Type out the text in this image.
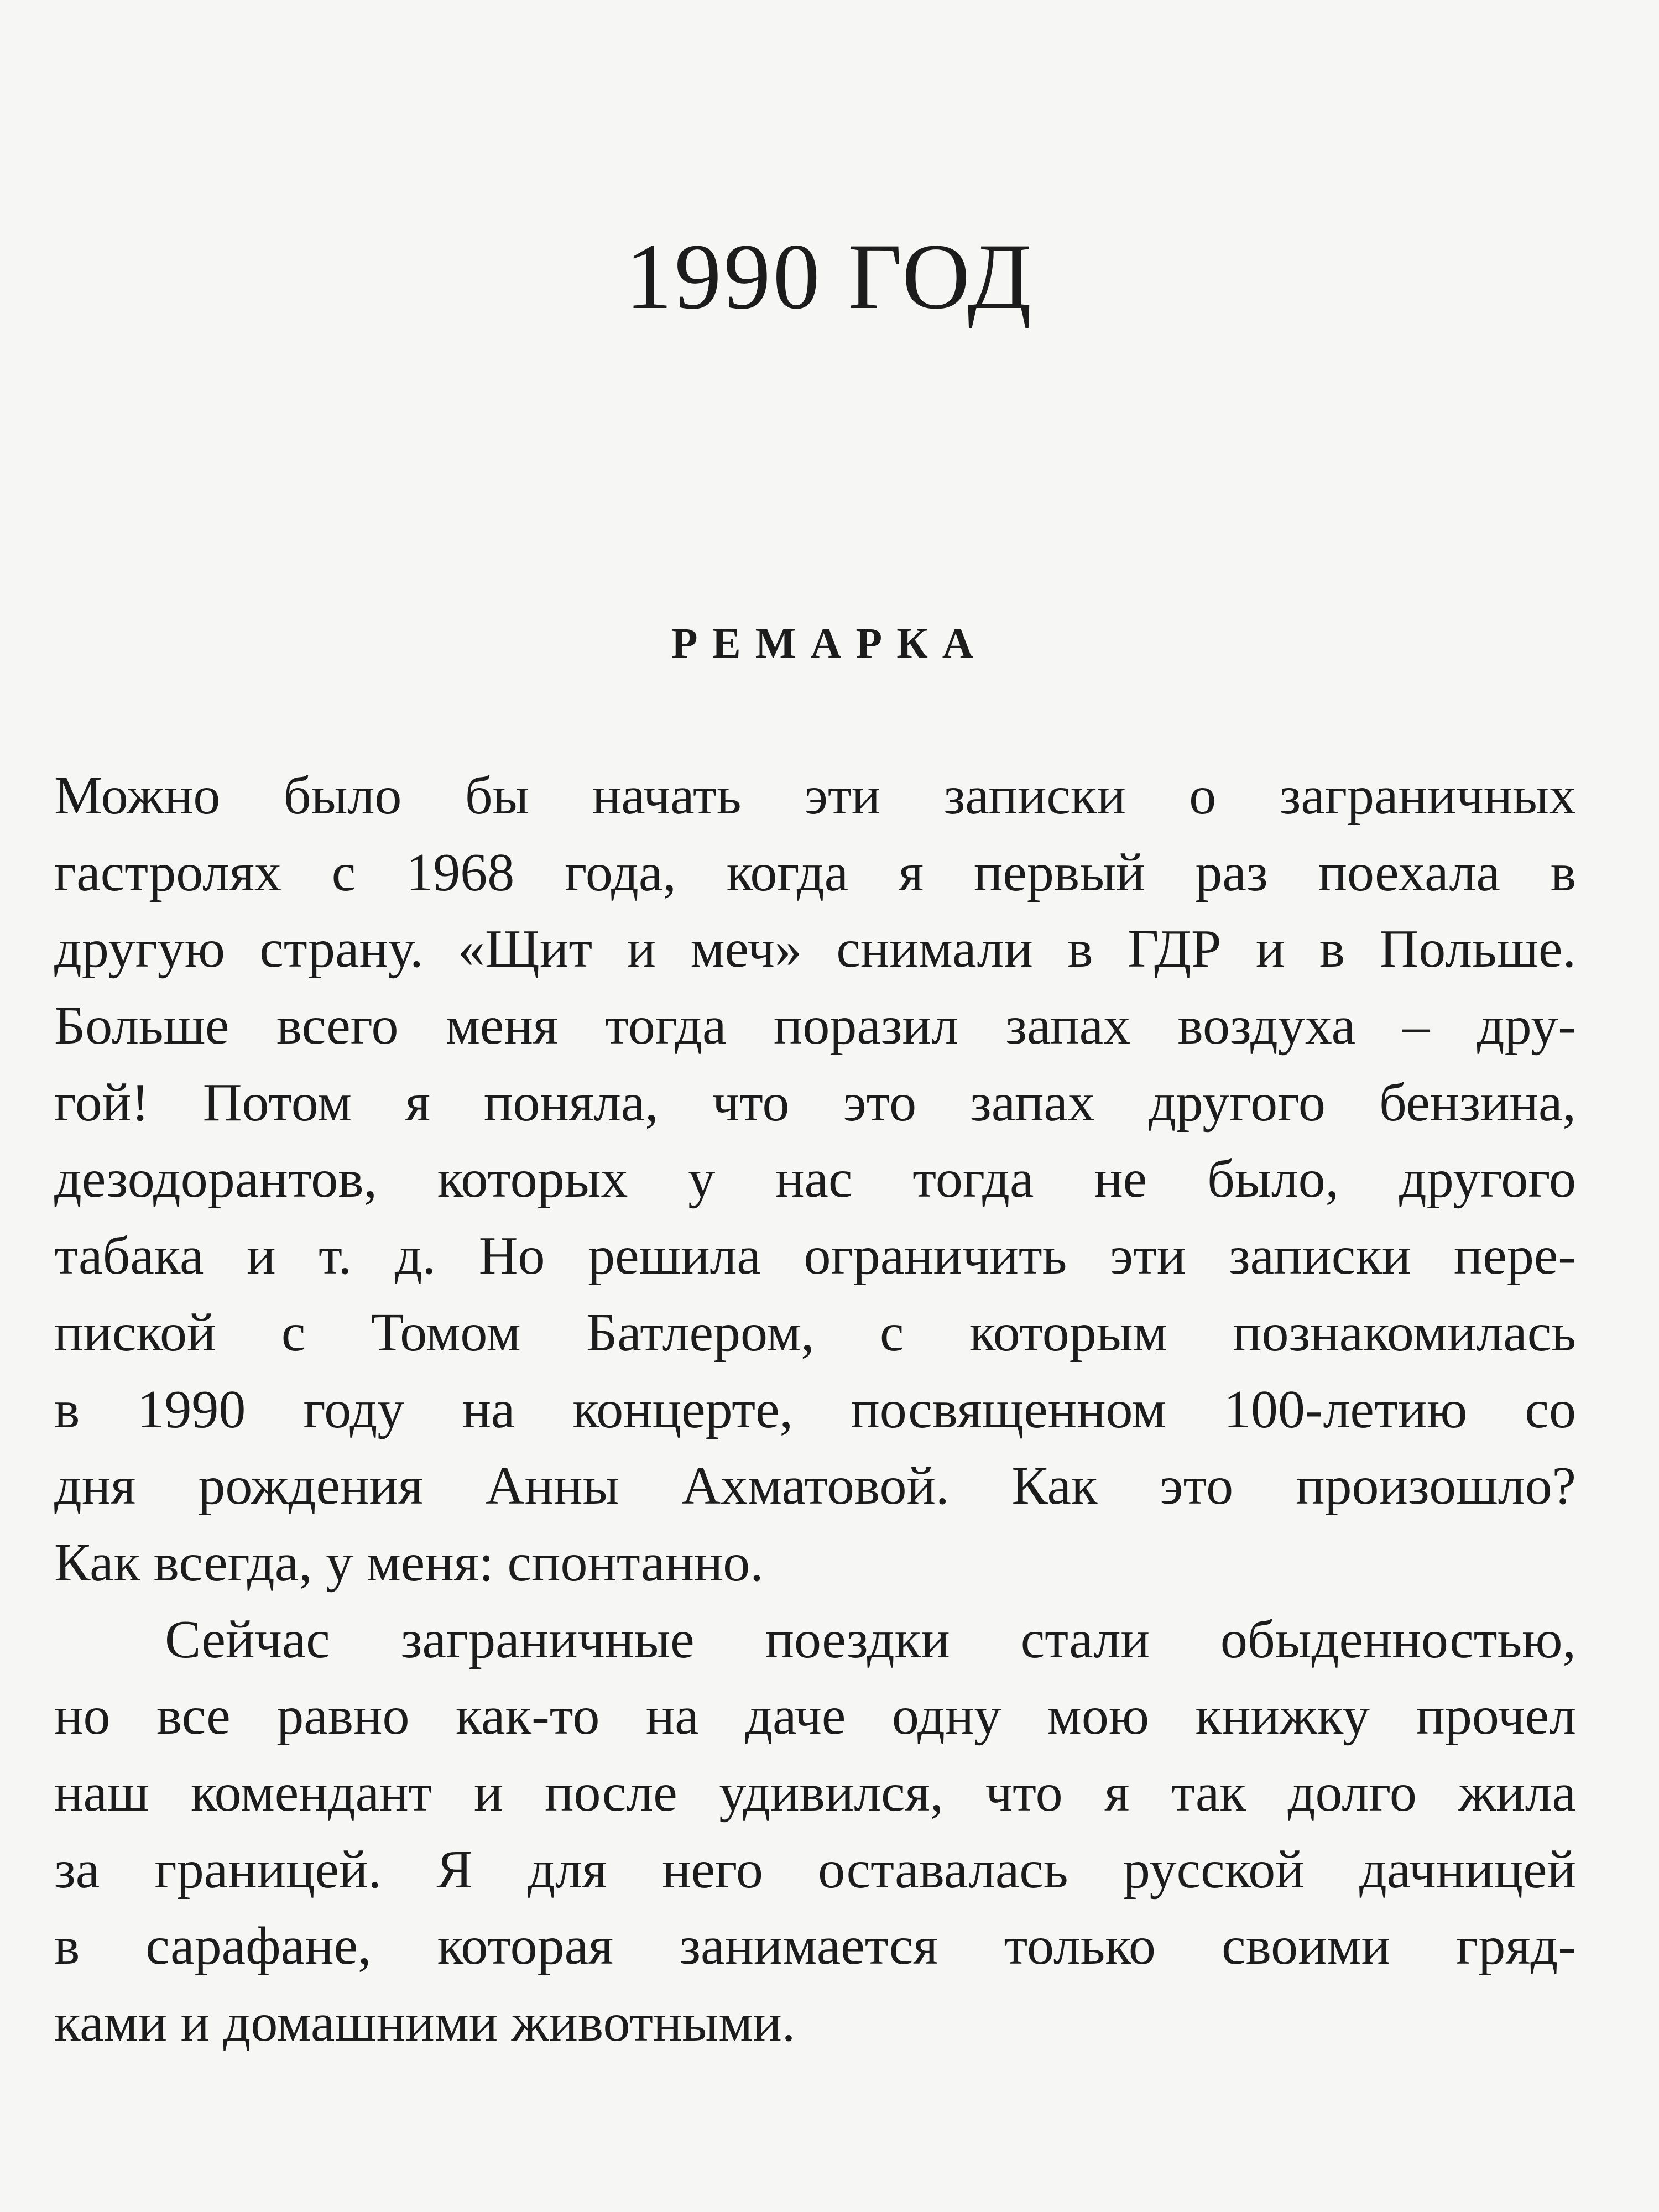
1990 ГОД
РЕМАРКА
Можно было бы начать эти записки о заграничных
гастролях с 1968 года, когда я первый раз поехала в
другую страну. «Щит и меч» снимали в ГДР и в Польше.
Больше всего меня тогда поразил запах воздуха – дру-
гой! Потом я поняла, что это запах другого бензина,
дезодорантов, которых у нас тогда не было, другого
табака и т. д. Но решила ограничить эти записки пере-
пиской с Томом Батлером, с которым познакомилась
в 1990 году на концерте, посвященном 100-летию со
дня рождения Анны Ахматовой. Как это произошло?
Как всегда, у меня: спонтанно.
Сейчас заграничные поездки стали обыденностью,
но все равно как-то на даче одну мою книжку прочел
наш комендант и после удивился, что я так долго жила
за границей. Я для него оставалась русской дачницей
в сарафане, которая занимается только своими гряд-
ками и домашними животными.
